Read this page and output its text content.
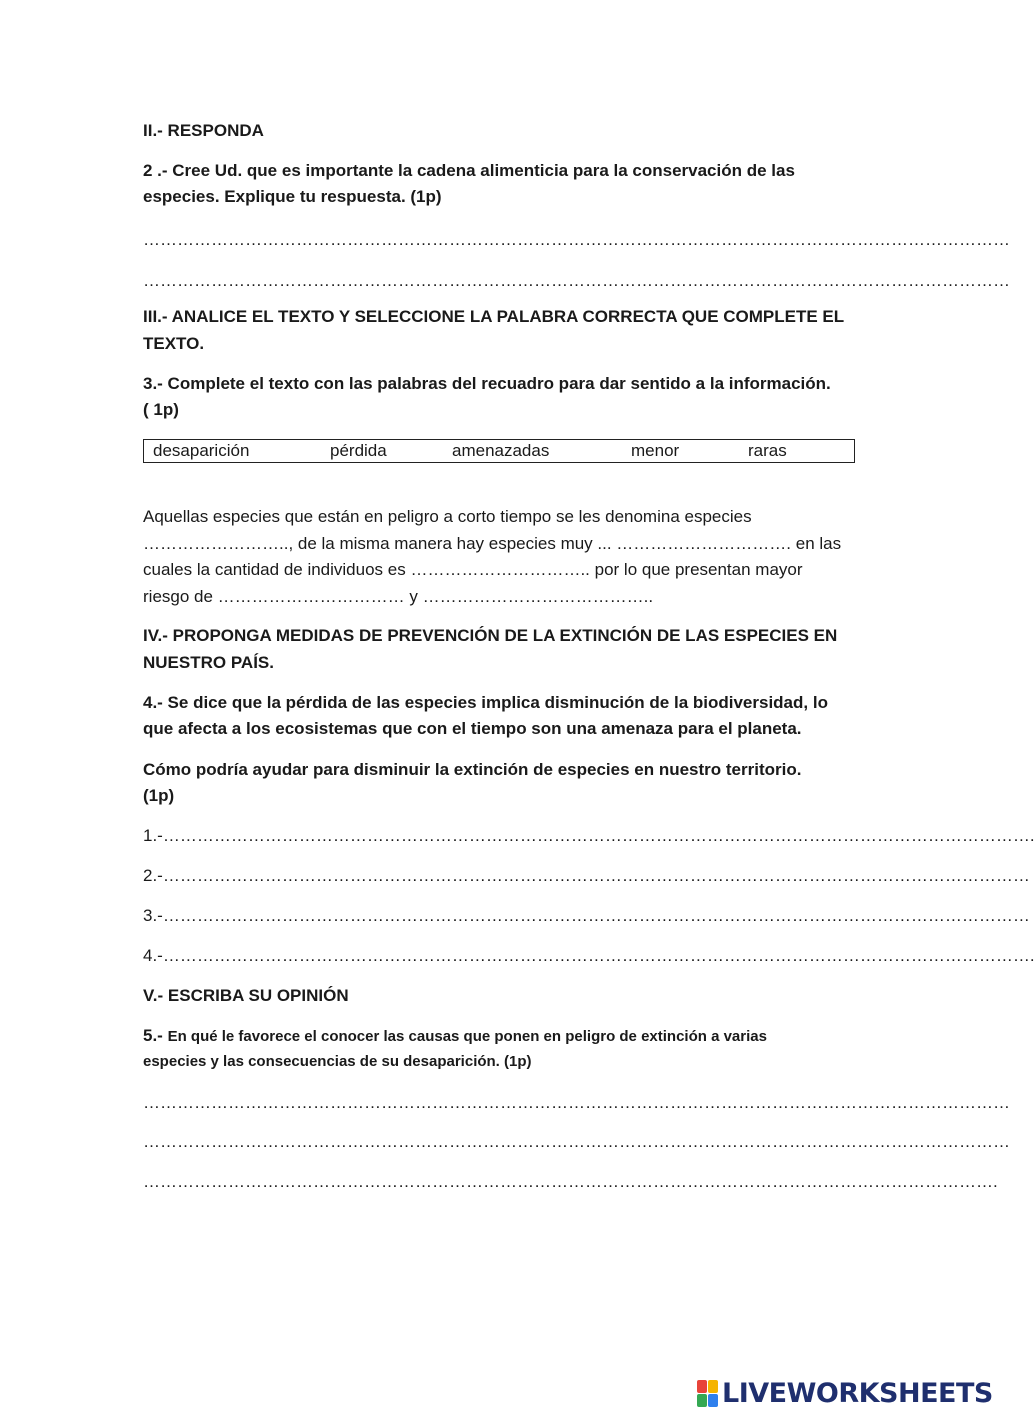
II.- RESPONDA

2 .- Cree Ud. que es importante la cadena alimenticia para la conservación de las

especies. Explique tu respuesta. (1p)

………………………………………………………………………………………………………………………………………
………………………………………………………………………………………………………………………………………

III.- ANALICE EL TEXTO Y SELECCIONE LA PALABRA CORRECTA QUE COMPLETE EL

TEXTO.

3.- Complete el texto con las palabras del recuadro para dar sentido a la información.

( 1p)

desaparición	pérdida	amenazadas	menor	raras

Aquellas especies que están en peligro a corto tiempo se les denomina especies

…………………….., de la misma manera hay especies muy ... …………………………. en las

cuales la cantidad de individuos es ………………………….. por lo que presentan mayor

riesgo de …………………………… y …………………………………..

IV.- PROPONGA MEDIDAS DE PREVENCIÓN DE LA EXTINCIÓN DE LAS ESPECIES EN

NUESTRO PAÍS.

4.- Se dice que la pérdida de las especies implica disminución de la biodiversidad, lo

que afecta a los ecosistemas que con el tiempo son una amenaza para el planeta.

Cómo podría ayudar para disminuir la extinción de especies en nuestro territorio.

(1p)

1.-……………………………………………………………………………………………………………………………………….
2.-………………………………………………………………………………………………………………………………………
3.-………………………………………………………………………………………………………………………………………
4.-……………………………………………………………………………………………………………………………………….

V.- ESCRIBA SU OPINIÓN

5.- En qué le favorece el conocer las causas que ponen en peligro de extinción a varias

especies y las consecuencias de su desaparición. (1p)

………………………………………………………………………………………………………………………………………
………………………………………………………………………………………………………………………………………
…………………………………………………………………………………………………………………………………….
LIVEWORKSHEETS
